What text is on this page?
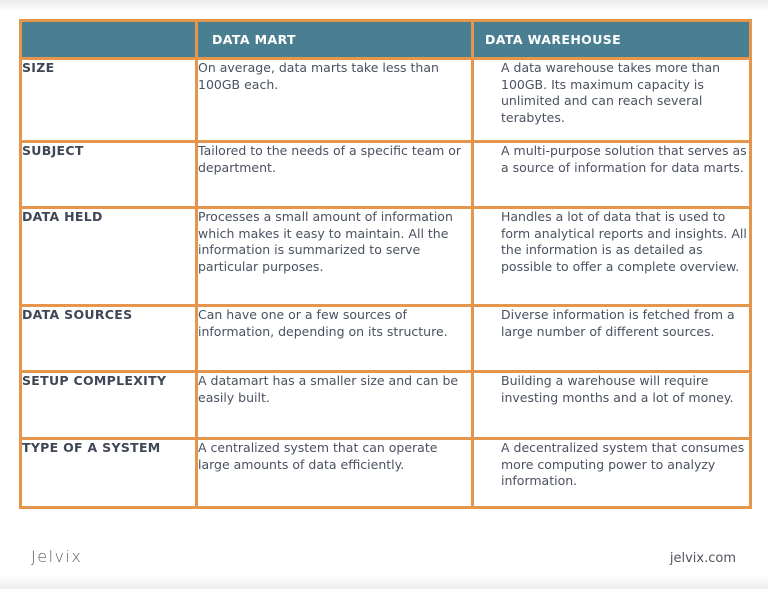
	DATA MART	DATA WAREHOUSE
SIZE	On average, data marts take less than 100GB each.	A data warehouse takes more than 100GB. Its maximum capacity is unlimited and can reach several terabytes.
SUBJECT	Tailored to the needs of a specific team or department.	A multi-purpose solution that serves as a source of information for data marts.
DATA HELD	Processes a small amount of information which makes it easy to maintain. All the information is summarized to serve particular purposes.	Handles a lot of data that is used to form analytical reports and insights. All the information is as detailed as possible to offer a complete overview.
DATA SOURCES	Can have one or a few sources of information, depending on its structure.	Diverse information is fetched from a large number of different sources.
SETUP COMPLEXITY	A datamart has a smaller size and can be easily built.	Building a warehouse will require investing months and a lot of money.
TYPE OF A SYSTEM	A centralized system that can operate large amounts of data efficiently.	A decentralized system that consumes more computing power to analyzy information.
Jelvix	jelvix.com
